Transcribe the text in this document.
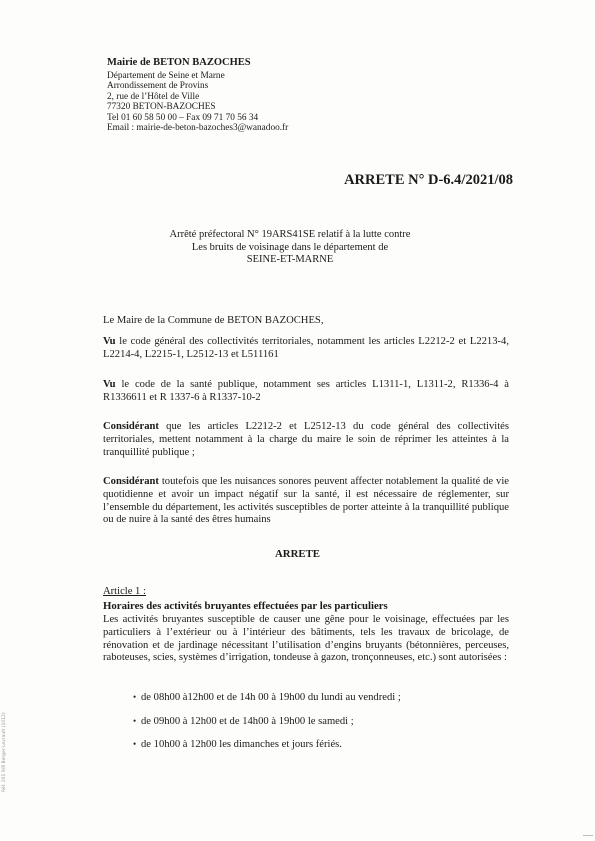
Mairie de BETON BAZOCHES
Département de Seine et Marne
Arrondissement de Provins
2, rue de l’Hôtel de Ville
77320 BETON-BAZOCHES
Tel 01 60 58 50 00 – Fax 09 71 70 56 34
Email : mairie-de-beton-bazoches3@wanadoo.fr
ARRETE N° D-6.4/2021/08
Arrêté préfectoral N° 19ARS41SE relatif à la lutte contre
Les bruits de voisinage dans le département de
SEINE-ET-MARNE
Le Maire de la Commune de BETON BAZOCHES,
Vu le code général des collectivités territoriales, notamment les articles L2212-2 et L2213-4, L2214-4, L2215-1, L2512-13 et L511161
Vu le code de la santé publique, notamment ses articles L1311-1, L1311-2, R1336-4 à R1336611 et R 1337-6 à R1337-10-2
Considérant que les articles L2212-2 et L2512-13 du code général des collectivités territoriales, mettent notamment à la charge du maire le soin de réprimer les atteintes à la tranquillité publique ;
Considérant toutefois que les nuisances sonores peuvent affecter notablement la qualité de vie quotidienne et avoir un impact négatif sur la santé, il est nécessaire de réglementer, sur l’ensemble du département, les activités susceptibles de porter atteinte à la tranquillité publique ou de nuire à la santé des êtres humains
ARRETE
Article 1 :
Horaires des activités bruyantes effectuées par les particuliers
Les activités bruyantes susceptible de causer une gêne pour le voisinage, effectuées par les particuliers à l’extérieur ou à l’intérieur des bâtiments, tels les travaux de bricolage, de rénovation et de jardinage nécessitant l’utilisation d’engins bruyants (bétonnières, perceuses, raboteuses, scies, systèmes d’irrigation, tondeuse à gazon, tronçonneuses, etc.) sont autorisées :
• de 08h00 à12h00 et de 14h 00 à 19h00 du lundi au vendredi ;
• de 09h00 à 12h00 et de 14h00 à 19h00 le samedi ;
• de 10h00 à 12h00 les dimanches et jours fériés.
Réf. 201 9/8 Berger-Levrault (1012)
